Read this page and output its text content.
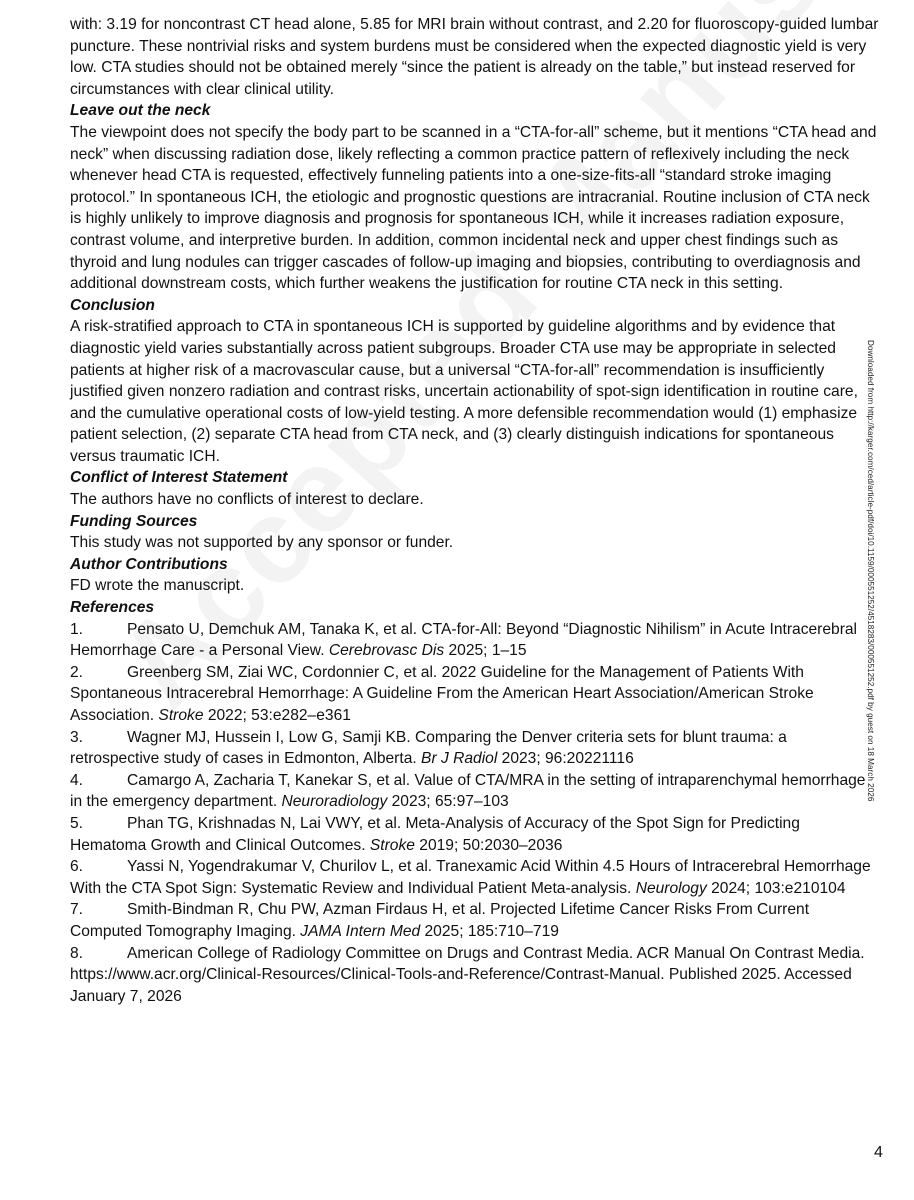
with: 3.19 for noncontrast CT head alone, 5.85 for MRI brain without contrast, and 2.20 for fluoroscopy-guided lumbar puncture. These nontrivial risks and system burdens must be considered when the expected diagnostic yield is very low. CTA studies should not be obtained merely “since the patient is already on the table,” but instead reserved for circumstances with clear clinical utility.

Leave out the neck

The viewpoint does not specify the body part to be scanned in a “CTA-for-all” scheme, but it mentions “CTA head and neck” when discussing radiation dose, likely reflecting a common practice pattern of reflexively including the neck whenever head CTA is requested, effectively funneling patients into a one-size-fits-all “standard stroke imaging protocol.” In spontaneous ICH, the etiologic and prognostic questions are intracranial. Routine inclusion of CTA neck is highly unlikely to improve diagnosis and prognosis for spontaneous ICH, while it increases radiation exposure, contrast volume, and interpretive burden. In addition, common incidental neck and upper chest findings such as thyroid and lung nodules can trigger cascades of follow-up imaging and biopsies, contributing to overdiagnosis and additional downstream costs, which further weakens the justification for routine CTA neck in this setting.

Conclusion

A risk-stratified approach to CTA in spontaneous ICH is supported by guideline algorithms and by evidence that diagnostic yield varies substantially across patient subgroups. Broader CTA use may be appropriate in selected patients at higher risk of a macrovascular cause, but a universal “CTA-for-all” recommendation is insufficiently justified given nonzero radiation and contrast risks, uncertain actionability of spot-sign identification in routine care, and the cumulative operational costs of low-yield testing. A more defensible recommendation would (1) emphasize patient selection, (2) separate CTA head from CTA neck, and (3) clearly distinguish indications for spontaneous versus traumatic ICH.

Conflict of Interest Statement

The authors have no conflicts of interest to declare.

Funding Sources

This study was not supported by any sponsor or funder.

Author Contributions

FD wrote the manuscript.

References

1.	Pensato U, Demchuk AM, Tanaka K, et al. CTA-for-All: Beyond “Diagnostic Nihilism” in Acute Intracerebral Hemorrhage Care - a Personal View. Cerebrovasc Dis 2025; 1–15

2.	Greenberg SM, Ziai WC, Cordonnier C, et al. 2022 Guideline for the Management of Patients With Spontaneous Intracerebral Hemorrhage: A Guideline From the American Heart Association/American Stroke Association. Stroke 2022; 53:e282–e361

3.	Wagner MJ, Hussein I, Low G, Samji KB. Comparing the Denver criteria sets for blunt trauma: a retrospective study of cases in Edmonton, Alberta. Br J Radiol 2023; 96:20221116

4.	Camargo A, Zacharia T, Kanekar S, et al. Value of CTA/MRA in the setting of intraparenchymal hemorrhage in the emergency department. Neuroradiology 2023; 65:97–103

5.	Phan TG, Krishnadas N, Lai VWY, et al. Meta-Analysis of Accuracy of the Spot Sign for Predicting Hematoma Growth and Clinical Outcomes. Stroke 2019; 50:2030–2036

6.	Yassi N, Yogendrakumar V, Churilov L, et al. Tranexamic Acid Within 4.5 Hours of Intracerebral Hemorrhage With the CTA Spot Sign: Systematic Review and Individual Patient Meta-analysis. Neurology 2024; 103:e210104

7.	Smith-Bindman R, Chu PW, Azman Firdaus H, et al. Projected Lifetime Cancer Risks From Current Computed Tomography Imaging. JAMA Intern Med 2025; 185:710–719

8.	American College of Radiology Committee on Drugs and Contrast Media. ACR Manual On Contrast Media. https://www.acr.org/Clinical-Resources/Clinical-Tools-and-Reference/Contrast-Manual. Published 2025. Accessed January 7, 2026

Downloaded from http://karger.com/ced/article-pdf/doi/10.1159/000551252/4518283/000551252.pdf by guest on 18 March 2026
4
